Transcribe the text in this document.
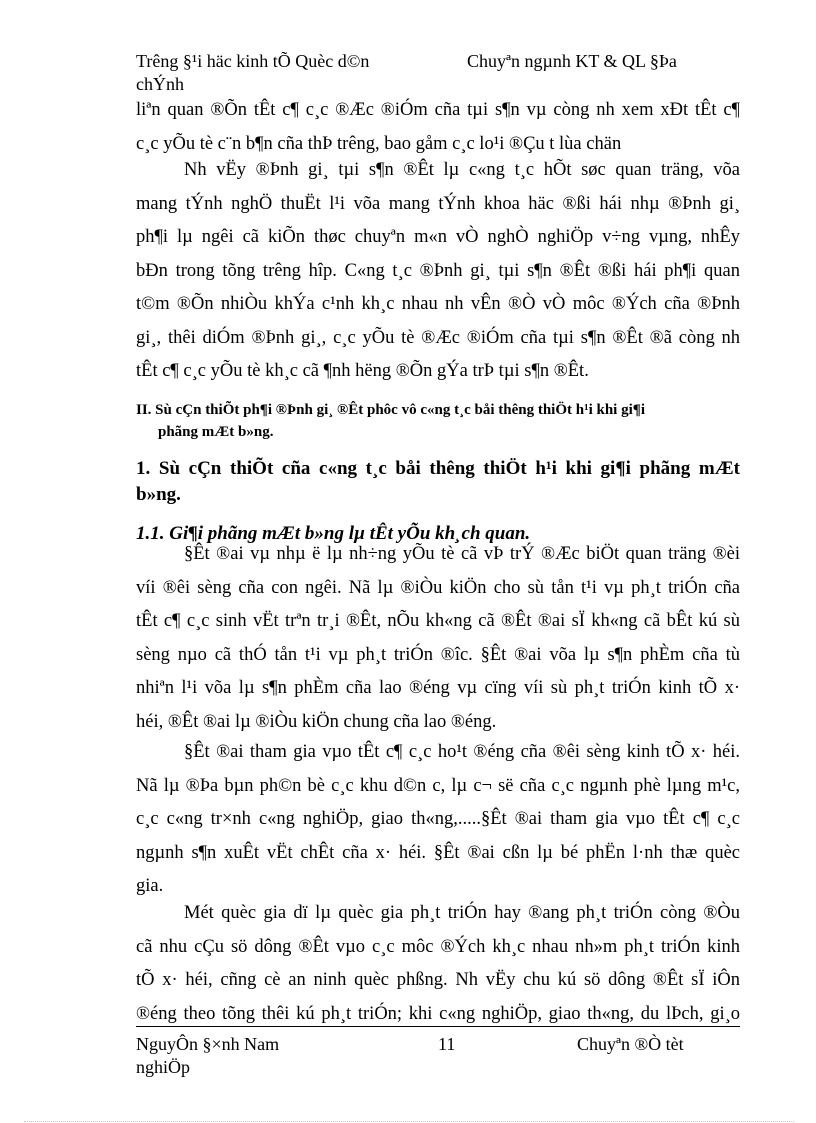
Trêng §¹i häc kinh tÕ Quèc d©n	Chuyªn ngµnh KT & QL §Þa
chÝnh
liªn quan ®Õn tÊt c¶ c¸c ®Æc ®iÓm cña tµi s¶n vµ còng nh xem xÐt tÊt c¶
c¸c yÕu tè c¨n b¶n cña thÞ trêng, bao gåm c¸c lo¹i ®Çu t lùa chän
Nh vËy ®Þnh gi¸ tµi s¶n ®Êt lµ c«ng t¸c hÕt søc quan träng, võa
mang tÝnh nghÖ thuËt l¹i võa mang tÝnh khoa häc ®ßi hái nhµ ®Þnh gi¸
ph¶i lµ ngêi cã kiÕn thøc chuyªn m«n vÒ nghÒ nghiÖp v÷ng vµng, nhÊy
bÐn trong tõng trêng hîp. C«ng t¸c ®Þnh gi¸ tµi s¶n ®Êt ®ßi hái ph¶i quan
t©m ®Õn nhiÒu khÝa c¹nh kh¸c nhau nh vÊn ®Ò vÒ môc ®Ých cña ®Þnh
gi¸, thêi diÓm ®Þnh gi¸, c¸c yÕu tè ®Æc ®iÓm cña tµi s¶n ®Êt ®ã còng nh
tÊt c¶ c¸c yÕu tè kh¸c cã ¶nh hëng ®Õn gÝa trÞ tµi s¶n ®Êt.
II. Sù cÇn thiÕt ph¶i ®Þnh gi¸ ®Êt phôc vô c«ng t¸c båi thêng thiÖt h¹i khi gi¶i
phãng mÆt b»ng.
1. Sù cÇn thiÕt cña c«ng t¸c båi thêng thiÖt h¹i khi gi¶i phãng mÆt
b»ng.
1.1. Gi¶i phãng mÆt b»ng lµ tÊt yÕu kh¸ch quan.
§Êt ®ai vµ nhµ ë lµ nh÷ng yÕu tè cã vÞ trÝ ®Æc biÖt quan träng ®èi
víi ®êi sèng cña con ngêi. Nã lµ ®iÒu kiÖn cho sù tån t¹i vµ ph¸t triÓn cña
tÊt c¶ c¸c sinh vËt trªn tr¸i ®Êt, nÕu kh«ng cã ®Êt ®ai sÏ kh«ng cã bÊt kú sù
sèng nµo cã thÓ tån t¹i vµ ph¸t triÓn ®îc. §Êt ®ai võa lµ s¶n phÈm cña tù
nhiªn l¹i võa lµ s¶n phÈm cña lao ®éng vµ cïng víi sù ph¸t triÓn kinh tÕ x·
héi, ®Êt ®ai lµ ®iÒu kiÖn chung cña lao ®éng.
§Êt ®ai tham gia vµo tÊt c¶ c¸c ho¹t ®éng cña ®êi sèng kinh tÕ x· héi.
Nã lµ ®Þa bµn ph©n bè c¸c khu d©n c, lµ c¬ së cña c¸c ngµnh phè lµng m¹c,
c¸c c«ng tr×nh c«ng nghiÖp, giao th«ng,.....§Êt ®ai tham gia vµo tÊt c¶ c¸c
ngµnh s¶n xuÊt vËt chÊt cña x· héi. §Êt ®ai cßn lµ bé phËn l·nh thæ quèc
gia.
Mét quèc gia dï lµ quèc gia ph¸t triÓn hay ®ang ph¸t triÓn còng ®Òu
cã nhu cÇu sö dông ®Êt vµo c¸c môc ®Ých kh¸c nhau nh»m ph¸t triÓn kinh
tÕ x· héi, cñng cè an ninh quèc phßng. Nh vËy chu kú sö dông ®Êt sÏ iÔn
®éng theo tõng thêi kú ph¸t triÓn; khi c«ng nghiÖp, giao th«ng, du lÞch, gi¸o
NguyÔn §×nh Nam	11	Chuyªn ®Ò tèt
nghiÖp
